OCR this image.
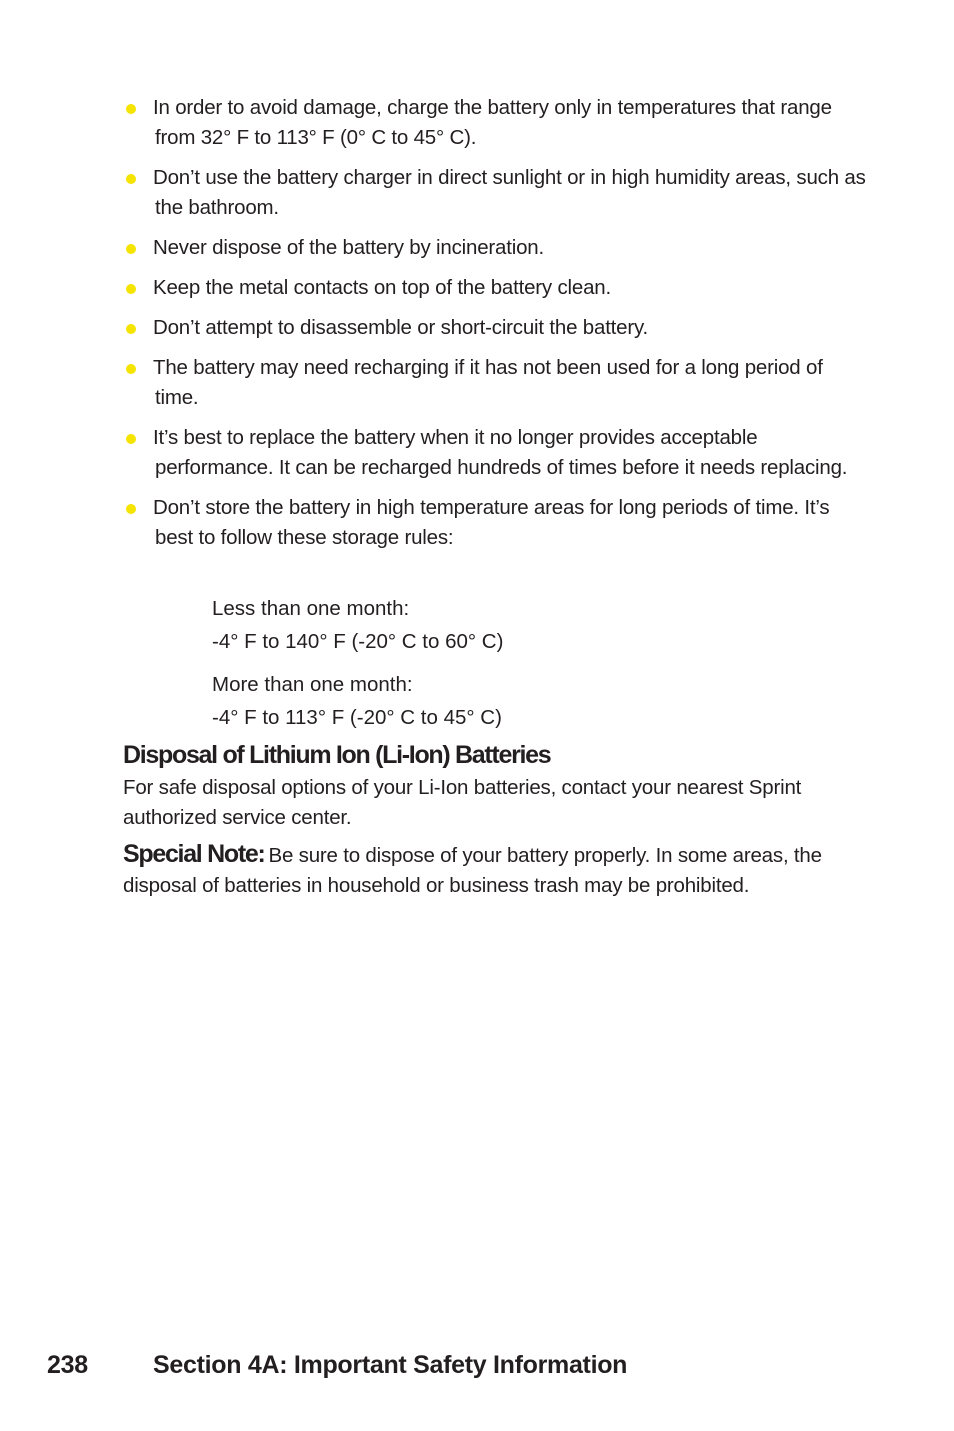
In order to avoid damage, charge the battery only in temperatures that range from 32° F to 113° F (0° C to 45° C).
Don’t use the battery charger in direct sunlight or in high humidity areas, such as the bathroom.
Never dispose of the battery by incineration.
Keep the metal contacts on top of the battery clean.
Don’t attempt to disassemble or short-circuit the battery.
The battery may need recharging if it has not been used for a long period of time.
It’s best to replace the battery when it no longer provides acceptable performance. It can be recharged hundreds of times before it needs replacing.
Don’t store the battery in high temperature areas for long periods of time. It’s best to follow these storage rules:
Less than one month:
-4° F to 140° F (-20° C to 60° C)
More than one month:
-4° F to 113° F (-20° C to 45° C)
Disposal of Lithium Ion (Li-Ion) Batteries

For safe disposal options of your Li-Ion batteries, contact your nearest Sprint authorized service center.

Special Note: Be sure to dispose of your battery properly. In some areas, the disposal of batteries in household or business trash may be prohibited.

238	Section 4A: Important Safety Information
